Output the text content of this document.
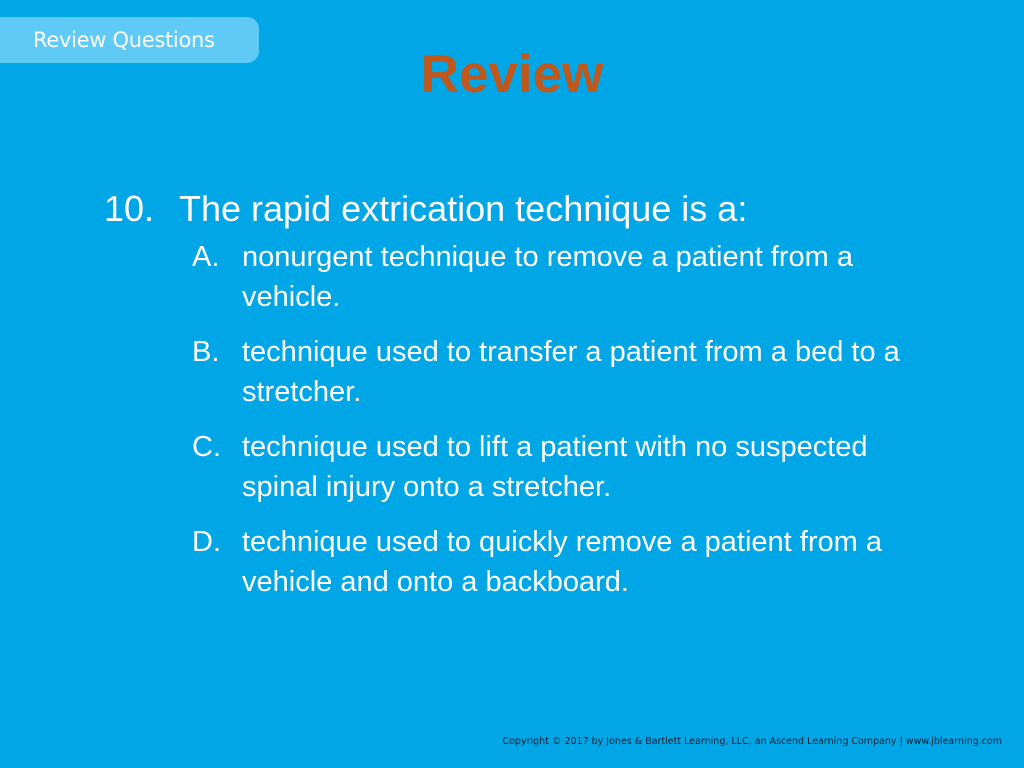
Review Questions
Review
10. The rapid extrication technique is a:
A. nonurgent technique to remove a patient from a vehicle.
B. technique used to transfer a patient from a bed to a stretcher.
C. technique used to lift a patient with no suspected spinal injury onto a stretcher.
D. technique used to quickly remove a patient from a vehicle and onto a backboard.
Copyright © 2017 by Jones & Bartlett Learning, LLC, an Ascend Learning Company | www.jblearning.com
